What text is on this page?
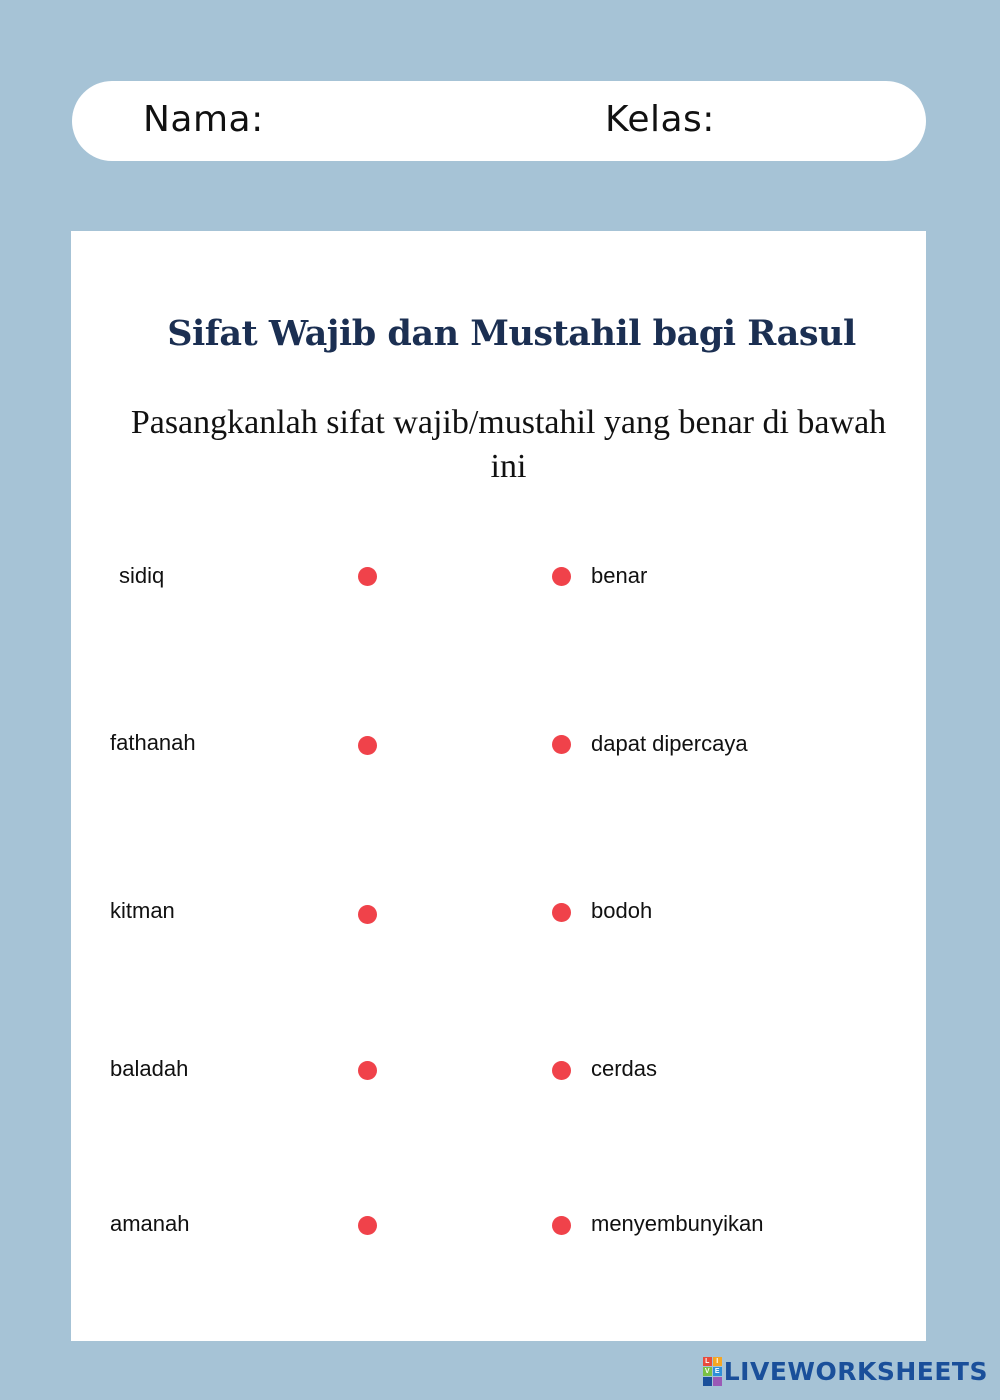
Nama:	Kelas:
Sifat Wajib dan Mustahil bagi Rasul

Pasangkanlah sifat wajib/mustahil yang benar di bawah ini

sidiq	benar
fathanah	dapat dipercaya
kitman	bodoh
baladah	cerdas
amanah	menyembunyikan
L I
V E LIVEWORKSHEETS
